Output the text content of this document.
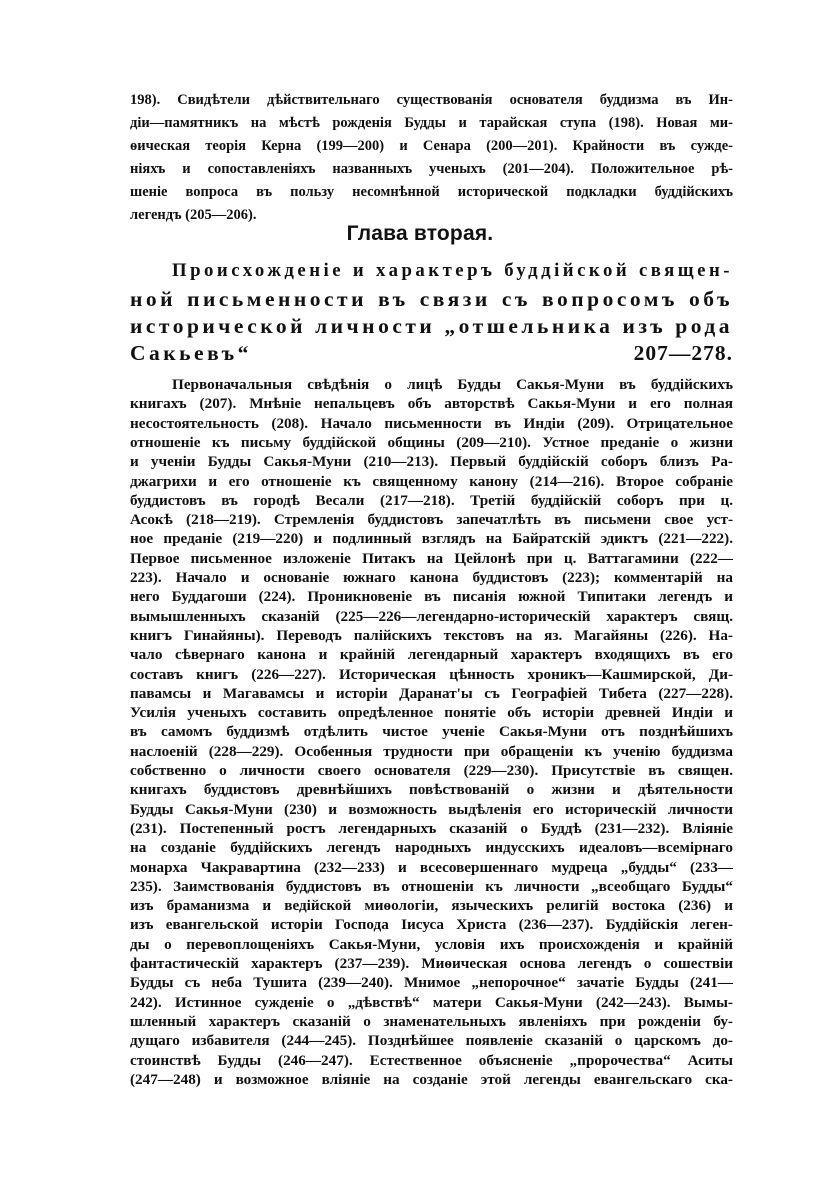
198). Свидѣтели дѣйствительнаго существованія основателя буддизма въ Ин-
діи—памятникъ на мѣстѣ рожденія Будды и тарайская ступа (198). Новая ми-
ѳическая теорія Керна (199—200) и Сенара (200—201). Крайности въ сужде-
ніяхъ и сопоставленіяхъ названныхъ ученыхъ (201—204). Положительное рѣ-
шеніе вопроса въ пользу несомнѣнной исторической подкладки буддійскихъ
легендъ (205—206).
Глава вторая.
Происхожденіе и характеръ буддійской священ-
ной письменности въ связи съ вопросомъ объ
исторической личности „отшельника изъ рода
Сакьевъ“	207—278.
Первоначальныя свѣдѣнія о лицѣ Будды Сакья-Муни въ буддійскихъ
книгахъ (207). Мнѣніе непальцевъ объ авторствѣ Сакья-Муни и его полная
несостоятельность (208). Начало письменности въ Индіи (209). Отрицательное
отношеніе къ письму буддійской общины (209—210). Устное преданіе о жизни
и ученіи Будды Сакья-Муни (210—213). Первый буддійскій соборъ близъ Ра-
джагрихи и его отношеніе къ священному канону (214—216). Второе собраніе
буддистовъ въ городѣ Весали (217—218). Третій буддійскій соборъ при ц.
Асокѣ (218—219). Стремленія буддистовъ запечатлѣть въ письмени свое уст-
ное преданіе (219—220) и подлинный взглядъ на Байратскій эдиктъ (221—222).
Первое письменное изложеніе Питакъ на Цейлонѣ при ц. Ваттагамини (222—
223). Начало и основаніе южнаго канона буддистовъ (223); комментарій на
него Буддагоши (224). Проникновеніе въ писанія южной Типитаки легендъ и
вымышленныхъ сказаній (225—226—легендарно-историческій характеръ свящ.
книгъ Гинайяны). Переводъ палійскихъ текстовъ на яз. Магайяны (226). На-
чало сѣвернаго канона и крайній легендарный характеръ входящихъ въ его
составъ книгъ (226—227). Историческая цѣнность хроникъ—Кашмирской, Ди-
павамсы и Магавамсы и исторіи Даранат'ы съ Географіей Тибета (227—228).
Усилія ученыхъ составить опредѣленное понятіе объ исторіи древней Индіи и
въ самомъ буддизмѣ отдѣлить чистое ученіе Сакья-Муни отъ позднѣйшихъ
наслоеній (228—229). Особенныя трудности при обращеніи къ ученію буддизма
собственно о личности своего основателя (229—230). Присутствіе въ священ.
книгахъ буддистовъ древнѣйшихъ повѣствованій о жизни и дѣятельности
Будды Сакья-Муни (230) и возможность выдѣленія его историческій личности
(231). Постепенный ростъ легендарныхъ сказаній о Буддѣ (231—232). Вліяніе
на созданіе буддійскихъ легендъ народныхъ индусскихъ идеаловъ—всемірнаго
монарха Чакравартина (232—233) и всесовершеннаго мудреца „будды“ (233—
235). Заимствованія буддистовъ въ отношеніи къ личности „всеобщаго Будды“
изъ браманизма и ведійской миѳологіи, языческихъ религій востока (236) и
изъ евангельской исторіи Господа Іисуса Христа (236—237). Буддійскія леген-
ды о перевоплощеніяхъ Сакья-Муни, условія ихъ происхожденія и крайній
фантастическій характеръ (237—239). Миѳическая основа легендъ о сошествіи
Будды съ неба Тушита (239—240). Мнимое „непорочное“ зачатіе Будды (241—
242). Истинное сужденіе о „дѣвствѣ“ матери Сакья-Муни (242—243). Вымы-
шленный характеръ сказаній о знаменательныхъ явленіяхъ при рожденіи бу-
дущаго избавителя (244—245). Позднѣйшее появленіе сказаній о царскомъ до-
стоинствѣ Будды (246—247). Естественное объясненіе „пророчества“ Аситы
(247—248) и возможное вліяніе на созданіе этой легенды евангельскаго ска-
